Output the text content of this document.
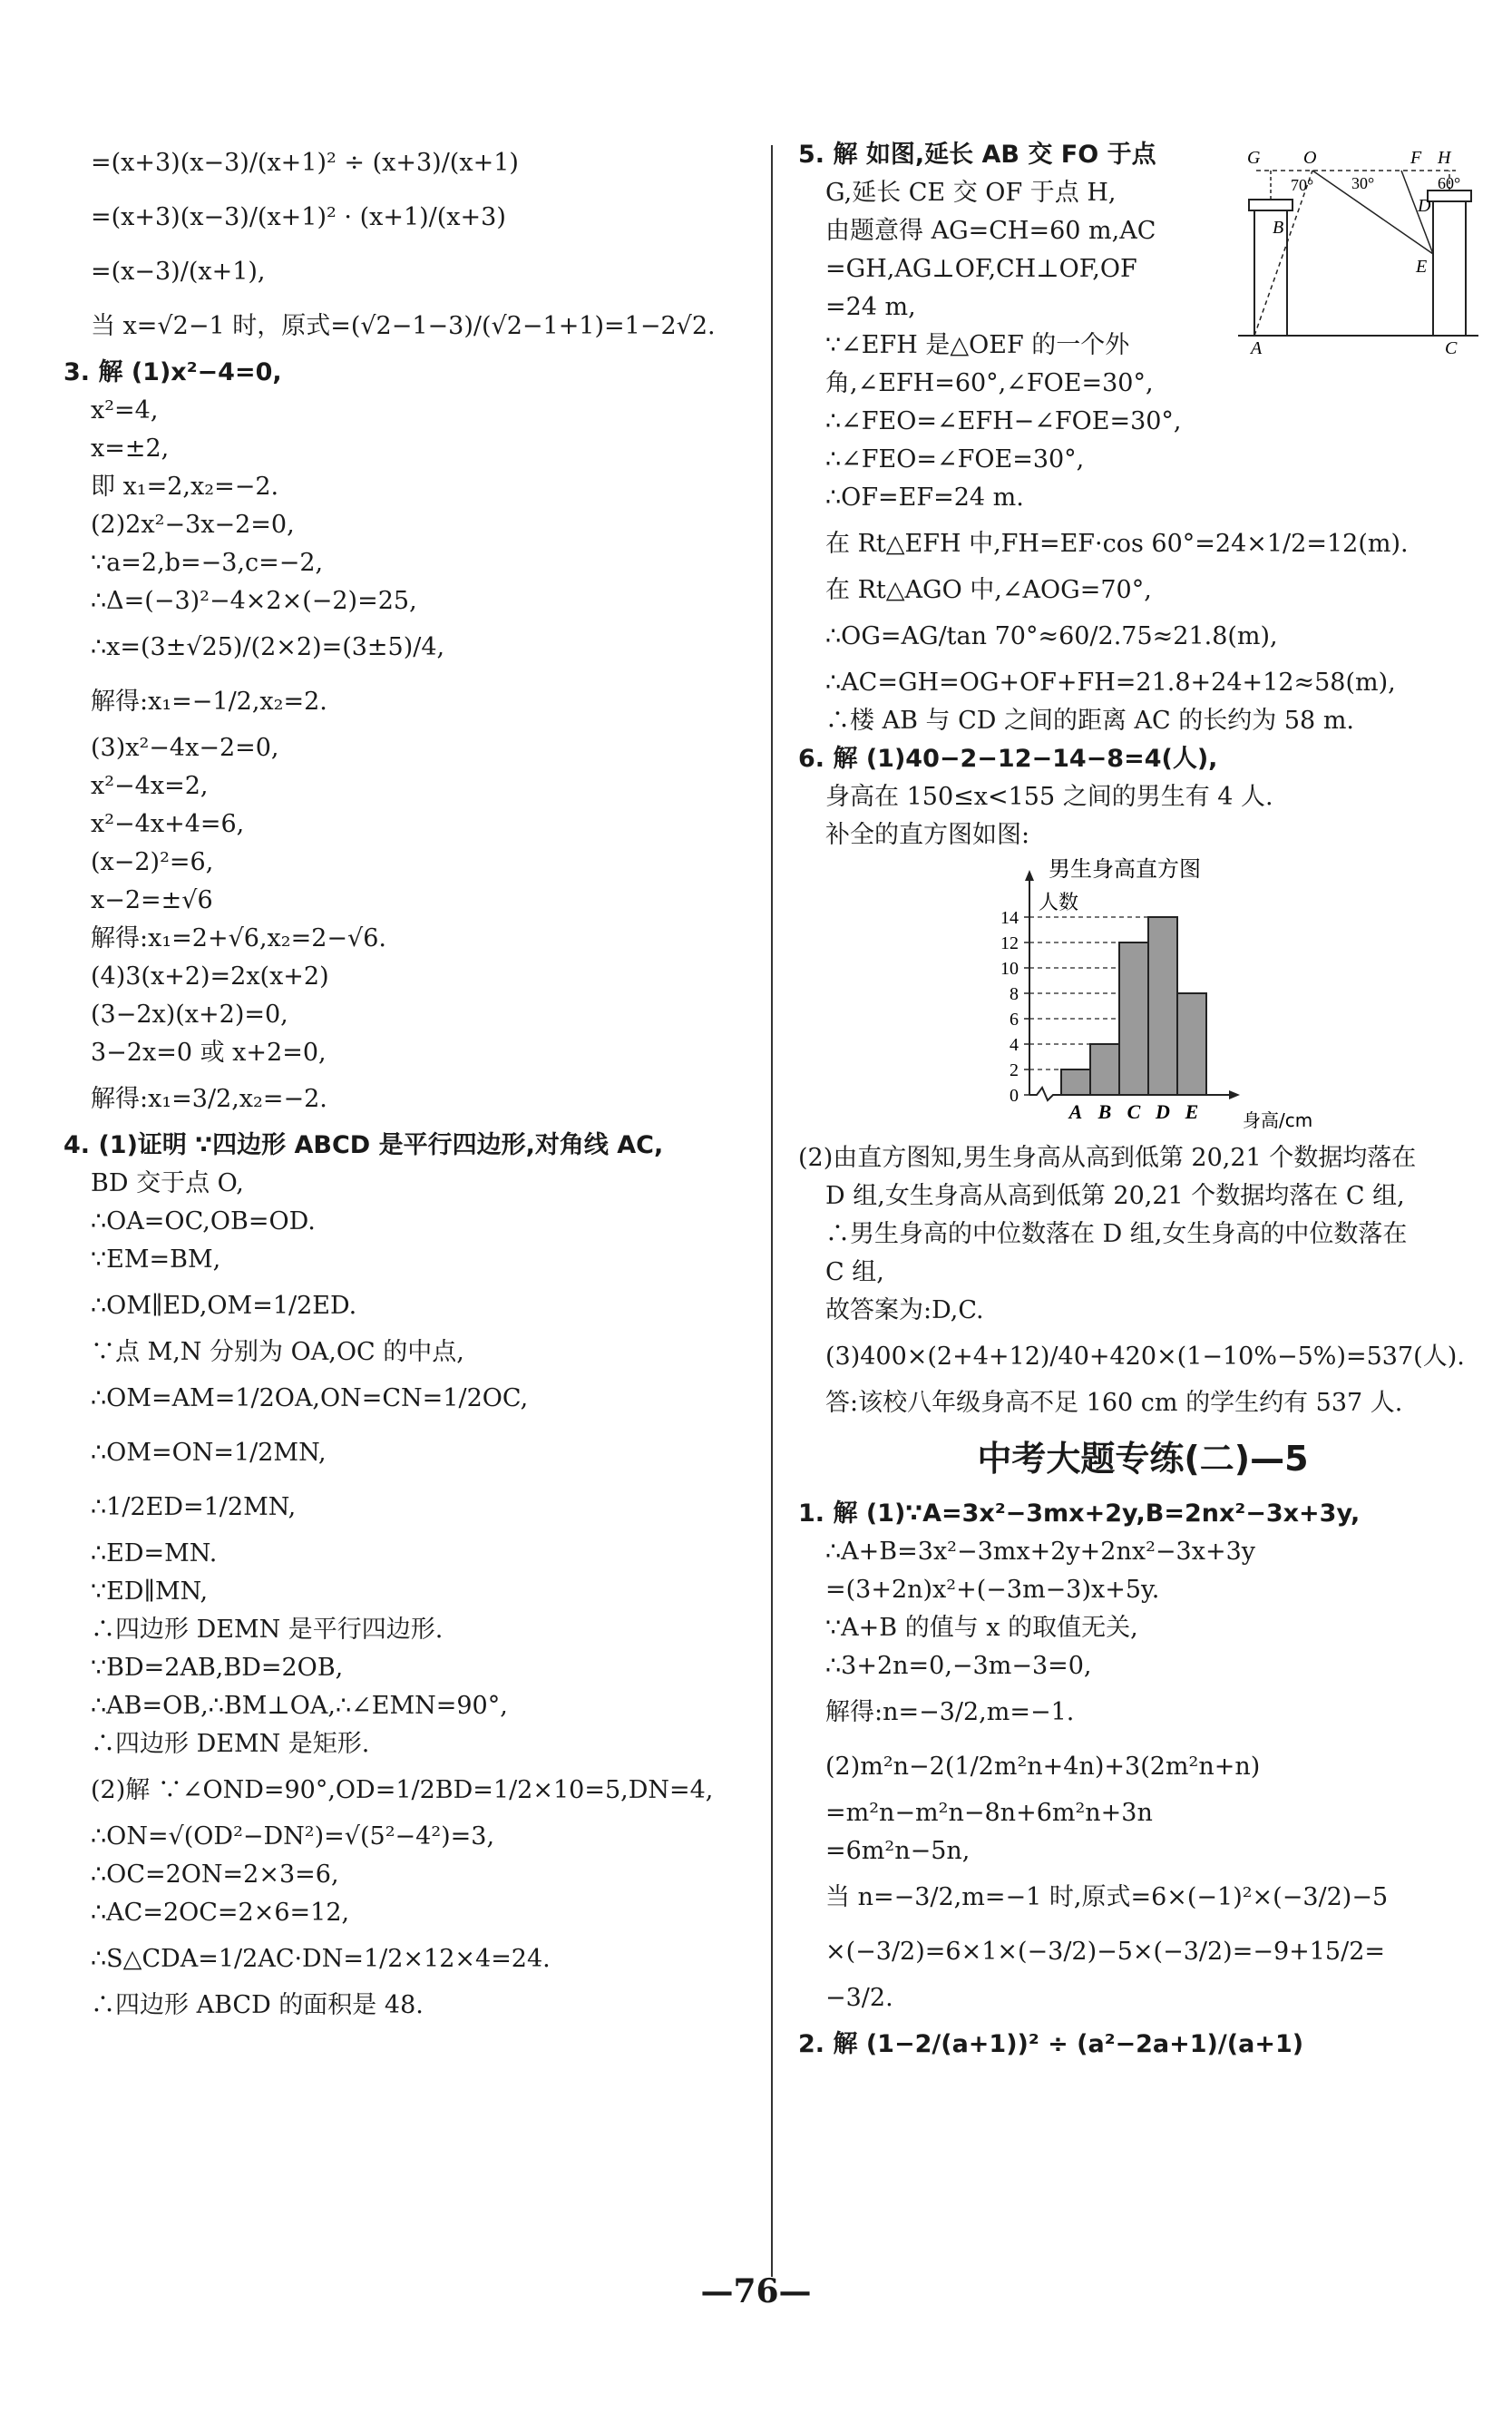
=(x+3)(x−3)/(x+1)² ÷ (x+3)/(x+1)
=(x+3)(x−3)/(x+1)² · (x+1)/(x+3)
=(x−3)/(x+1),
当 x=√2−1 时，原式=(√2−1−3)/(√2−1+1)=1−2√2.
3. 解 (1)x²−4=0,
x²=4,
x=±2,
即 x₁=2,x₂=−2.
(2)2x²−3x−2=0,
∵a=2,b=−3,c=−2,
∴Δ=(−3)²−4×2×(−2)=25,
∴x=(3±√25)/(2×2)=(3±5)/4,
解得:x₁=−1/2,x₂=2.
(3)x²−4x−2=0,
x²−4x=2,
x²−4x+4=6,
(x−2)²=6,
x−2=±√6
解得:x₁=2+√6,x₂=2−√6.
(4)3(x+2)=2x(x+2)
(3−2x)(x+2)=0,
3−2x=0 或 x+2=0,
解得:x₁=3/2,x₂=−2.
4. (1)证明 ∵四边形 ABCD 是平行四边形,对角线 AC,
BD 交于点 O,
∴OA=OC,OB=OD.
∵EM=BM,
∴OM∥ED,OM=1/2ED.
∵点 M,N 分别为 OA,OC 的中点,
∴OM=AM=1/2OA,ON=CN=1/2OC,
∴OM=ON=1/2MN,
∴1/2ED=1/2MN,
∴ED=MN.
∵ED∥MN,
∴四边形 DEMN 是平行四边形.
∵BD=2AB,BD=2OB,
∴AB=OB,∴BM⊥OA,∴∠EMN=90°,
∴四边形 DEMN 是矩形.
(2)解 ∵∠OND=90°,OD=1/2BD=1/2×10=5,DN=4,
∴ON=√(OD²−DN²)=√(5²−4²)=3,
∴OC=2ON=2×3=6,
∴AC=2OC=2×6=12,
∴S△CDA=1/2AC·DN=1/2×12×4=24.
∴四边形 ABCD 的面积是 48.
5. 解 如图,延长 AB 交 FO 于点
G,延长 CE 交 OF 于点 H,
由题意得 AG=CH=60 m,AC
=GH,AG⊥OF,CH⊥OF,OF
=24 m,
∵∠EFH 是△OEF 的一个外
角,∠EFH=60°,∠FOE=30°,
∴∠FEO=∠EFH−∠FOE=30°,
∴∠FEO=∠FOE=30°,
∴OF=EF=24 m.
G O	F H
70° 30°	60°
B
D
E
A	C
在 Rt△EFH 中,FH=EF·cos 60°=24×1/2=12(m).
在 Rt△AGO 中,∠AOG=70°,
∴OG=AG/tan 70°≈60/2.75≈21.8(m),
∴AC=GH=OG+OF+FH=21.8+24+12≈58(m),
∴楼 AB 与 CD 之间的距离 AC 的长约为 58 m.
6. 解 (1)40−2−12−14−8=4(人),
身高在 150≤x<155 之间的男生有 4 人.
补全的直方图如图:
男生身高直方图
人数
身高/cm
0
2
4
6
8
10
12
14
A B C D E
(2)由直方图知,男生身高从高到低第 20,21 个数据均落在
D 组,女生身高从高到低第 20,21 个数据均落在 C 组,
∴男生身高的中位数落在 D 组,女生身高的中位数落在
C 组,
故答案为:D,C.
(3)400×(2+4+12)/40+420×(1−10%−5%)=537(人).
答:该校八年级身高不足 160 cm 的学生约有 537 人.
中考大题专练(二)—5
1. 解 (1)∵A=3x²−3mx+2y,B=2nx²−3x+3y,
∴A+B=3x²−3mx+2y+2nx²−3x+3y
=(3+2n)x²+(−3m−3)x+5y.
∵A+B 的值与 x 的取值无关,
∴3+2n=0,−3m−3=0,
解得:n=−3/2,m=−1.
(2)m²n−2(1/2m²n+4n)+3(2m²n+n)
=m²n−m²n−8n+6m²n+3n
=6m²n−5n,
当 n=−3/2,m=−1 时,原式=6×(−1)²×(−3/2)−5
×(−3/2)=6×1×(−3/2)−5×(−3/2)=−9+15/2=
−3/2.
2. 解 (1−2/(a+1))² ÷ (a²−2a+1)/(a+1)
—76—
